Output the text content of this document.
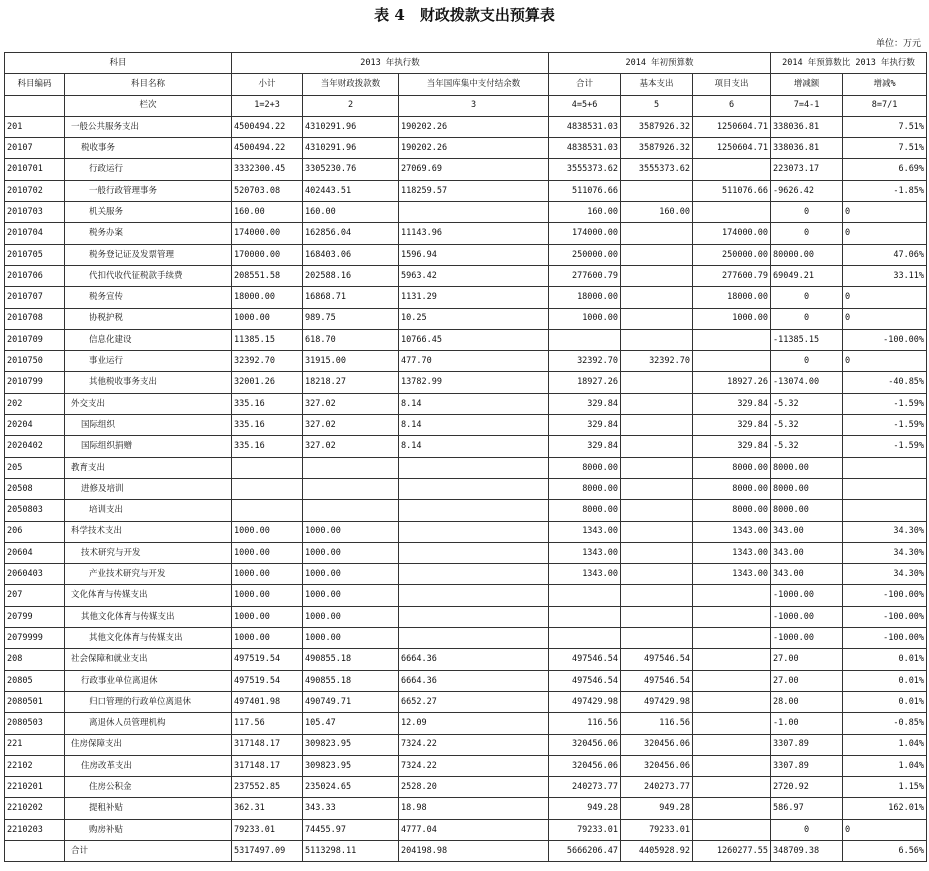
表 4　财政拨款支出预算表
单位：万元
科目		2013 年执行数			2014 年初预算数			2014 年预算数比 2013 年执行数	
科目编码	科目名称	小计	当年财政拨款数	当年国库集中支付结余数	合计	基本支出	项目支出	增减额	增减%
	栏次	1=2+3	2	3	4=5+6	5	6	7=4-1	8=7/1
201	一般公共服务支出	4500494.22	4310291.96	190202.26	4838531.03	3587926.32	1250604.71	338036.81	7.51%
20107	税收事务	4500494.22	4310291.96	190202.26	4838531.03	3587926.32	1250604.71	338036.81	7.51%
2010701	行政运行	3332300.45	3305230.76	27069.69	3555373.62	3555373.62		223073.17	6.69%
2010702	一般行政管理事务	520703.08	402443.51	118259.57	511076.66		511076.66	-9626.42	-1.85%
2010703	机关服务	160.00	160.00		160.00	160.00		0	0
2010704	税务办案	174000.00	162856.04	11143.96	174000.00		174000.00	0	0
2010705	税务登记证及发票管理	170000.00	168403.06	1596.94	250000.00		250000.00	80000.00	47.06%
2010706	代扣代收代征税款手续费	208551.58	202588.16	5963.42	277600.79		277600.79	69049.21	33.11%
2010707	税务宣传	18000.00	16868.71	1131.29	18000.00		18000.00	0	0
2010708	协税护税	1000.00	989.75	10.25	1000.00		1000.00	0	0
2010709	信息化建设	11385.15	618.70	10766.45				-11385.15	-100.00%
2010750	事业运行	32392.70	31915.00	477.70	32392.70	32392.70		0	0
2010799	其他税收事务支出	32001.26	18218.27	13782.99	18927.26		18927.26	-13074.00	-40.85%
202	外交支出	335.16	327.02	8.14	329.84		329.84	-5.32	-1.59%
20204	国际组织	335.16	327.02	8.14	329.84		329.84	-5.32	-1.59%
2020402	国际组织捐赠	335.16	327.02	8.14	329.84		329.84	-5.32	-1.59%
205	教育支出				8000.00		8000.00	8000.00	
20508	进修及培训				8000.00		8000.00	8000.00	
2050803	培训支出				8000.00		8000.00	8000.00	
206	科学技术支出	1000.00	1000.00		1343.00		1343.00	343.00	34.30%
20604	技术研究与开发	1000.00	1000.00		1343.00		1343.00	343.00	34.30%
2060403	产业技术研究与开发	1000.00	1000.00		1343.00		1343.00	343.00	34.30%
207	文化体育与传媒支出	1000.00	1000.00					-1000.00	-100.00%
20799	其他文化体育与传媒支出	1000.00	1000.00					-1000.00	-100.00%
2079999	其他文化体育与传媒支出	1000.00	1000.00					-1000.00	-100.00%
208	社会保障和就业支出	497519.54	490855.18	6664.36	497546.54	497546.54		27.00	0.01%
20805	行政事业单位离退休	497519.54	490855.18	6664.36	497546.54	497546.54		27.00	0.01%
2080501	归口管理的行政单位离退休	497401.98	490749.71	6652.27	497429.98	497429.98		28.00	0.01%
2080503	离退休人员管理机构	117.56	105.47	12.09	116.56	116.56		-1.00	-0.85%
221	住房保障支出	317148.17	309823.95	7324.22	320456.06	320456.06		3307.89	1.04%
22102	住房改革支出	317148.17	309823.95	7324.22	320456.06	320456.06		3307.89	1.04%
2210201	住房公积金	237552.85	235024.65	2528.20	240273.77	240273.77		2720.92	1.15%
2210202	提租补贴	362.31	343.33	18.98	949.28	949.28		586.97	162.01%
2210203	购房补贴	79233.01	74455.97	4777.04	79233.01	79233.01		0	0
	合计	5317497.09	5113298.11	204198.98	5666206.47	4405928.92	1260277.55	348709.38	6.56%
